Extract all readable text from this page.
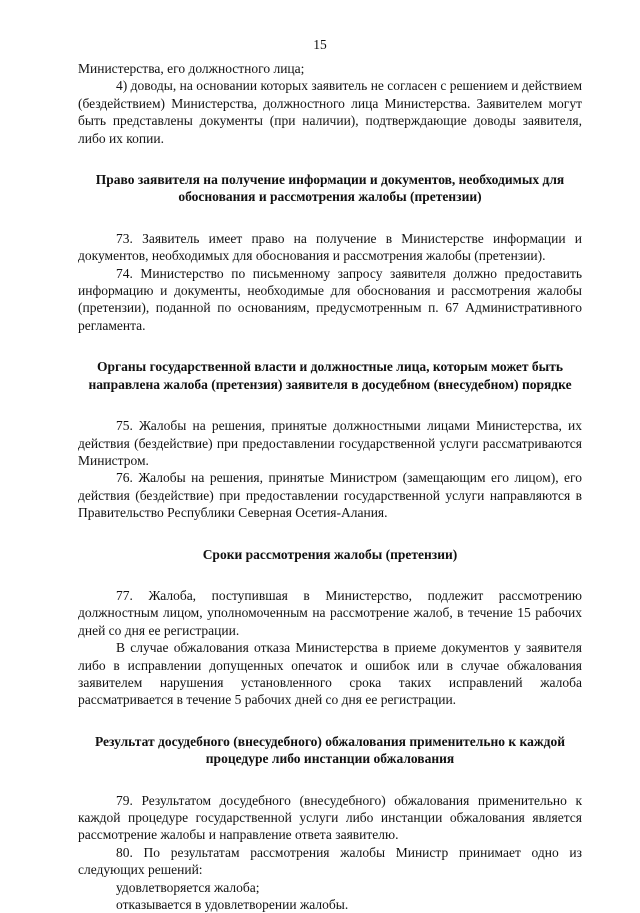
15

Министерства, его должностного лица;

4) доводы, на основании которых заявитель не согласен с решением и действием (бездействием) Министерства, должностного лица Министерства. Заявителем могут быть представлены документы (при наличии), подтверждающие доводы заявителя, либо их копии.

Право заявителя на получение информации и документов, необходимых для обоснования и рассмотрения жалобы (претензии)

73. Заявитель имеет право на получение в Министерстве информации и документов, необходимых для обоснования и рассмотрения жалобы (претензии).

74. Министерство по письменному запросу заявителя должно предоставить информацию и документы, необходимые для обоснования и рассмотрения жалобы (претензии), поданной по основаниям, предусмотренным п. 67 Административного регламента.

Органы государственной власти и должностные лица, которым может быть направлена жалоба (претензия) заявителя в досудебном (внесудебном) порядке

75. Жалобы на решения, принятые должностными лицами Министерства, их действия (бездействие) при предоставлении государственной услуги рассматриваются Министром.

76. Жалобы на решения, принятые Министром (замещающим его лицом), его действия (бездействие) при предоставлении государственной услуги направляются в Правительство Республики Северная Осетия-Алания.

Сроки рассмотрения жалобы (претензии)

77. Жалоба, поступившая в Министерство, подлежит рассмотрению должностным лицом, уполномоченным на рассмотрение жалоб, в течение 15 рабочих дней со дня ее регистрации.

В случае обжалования отказа Министерства в приеме документов у заявителя либо в исправлении допущенных опечаток и ошибок или в случае обжалования заявителем нарушения установленного срока таких исправлений жалоба рассматривается в течение 5 рабочих дней со дня ее регистрации.

Результат досудебного (внесудебного) обжалования применительно к каждой процедуре либо инстанции обжалования

79. Результатом досудебного (внесудебного) обжалования применительно к каждой процедуре государственной услуги либо инстанции обжалования является рассмотрение жалобы и направление ответа заявителю.

80. По результатам рассмотрения жалобы Министр принимает одно из следующих решений:

удовлетворяется жалоба;

отказывается в удовлетворении жалобы.
